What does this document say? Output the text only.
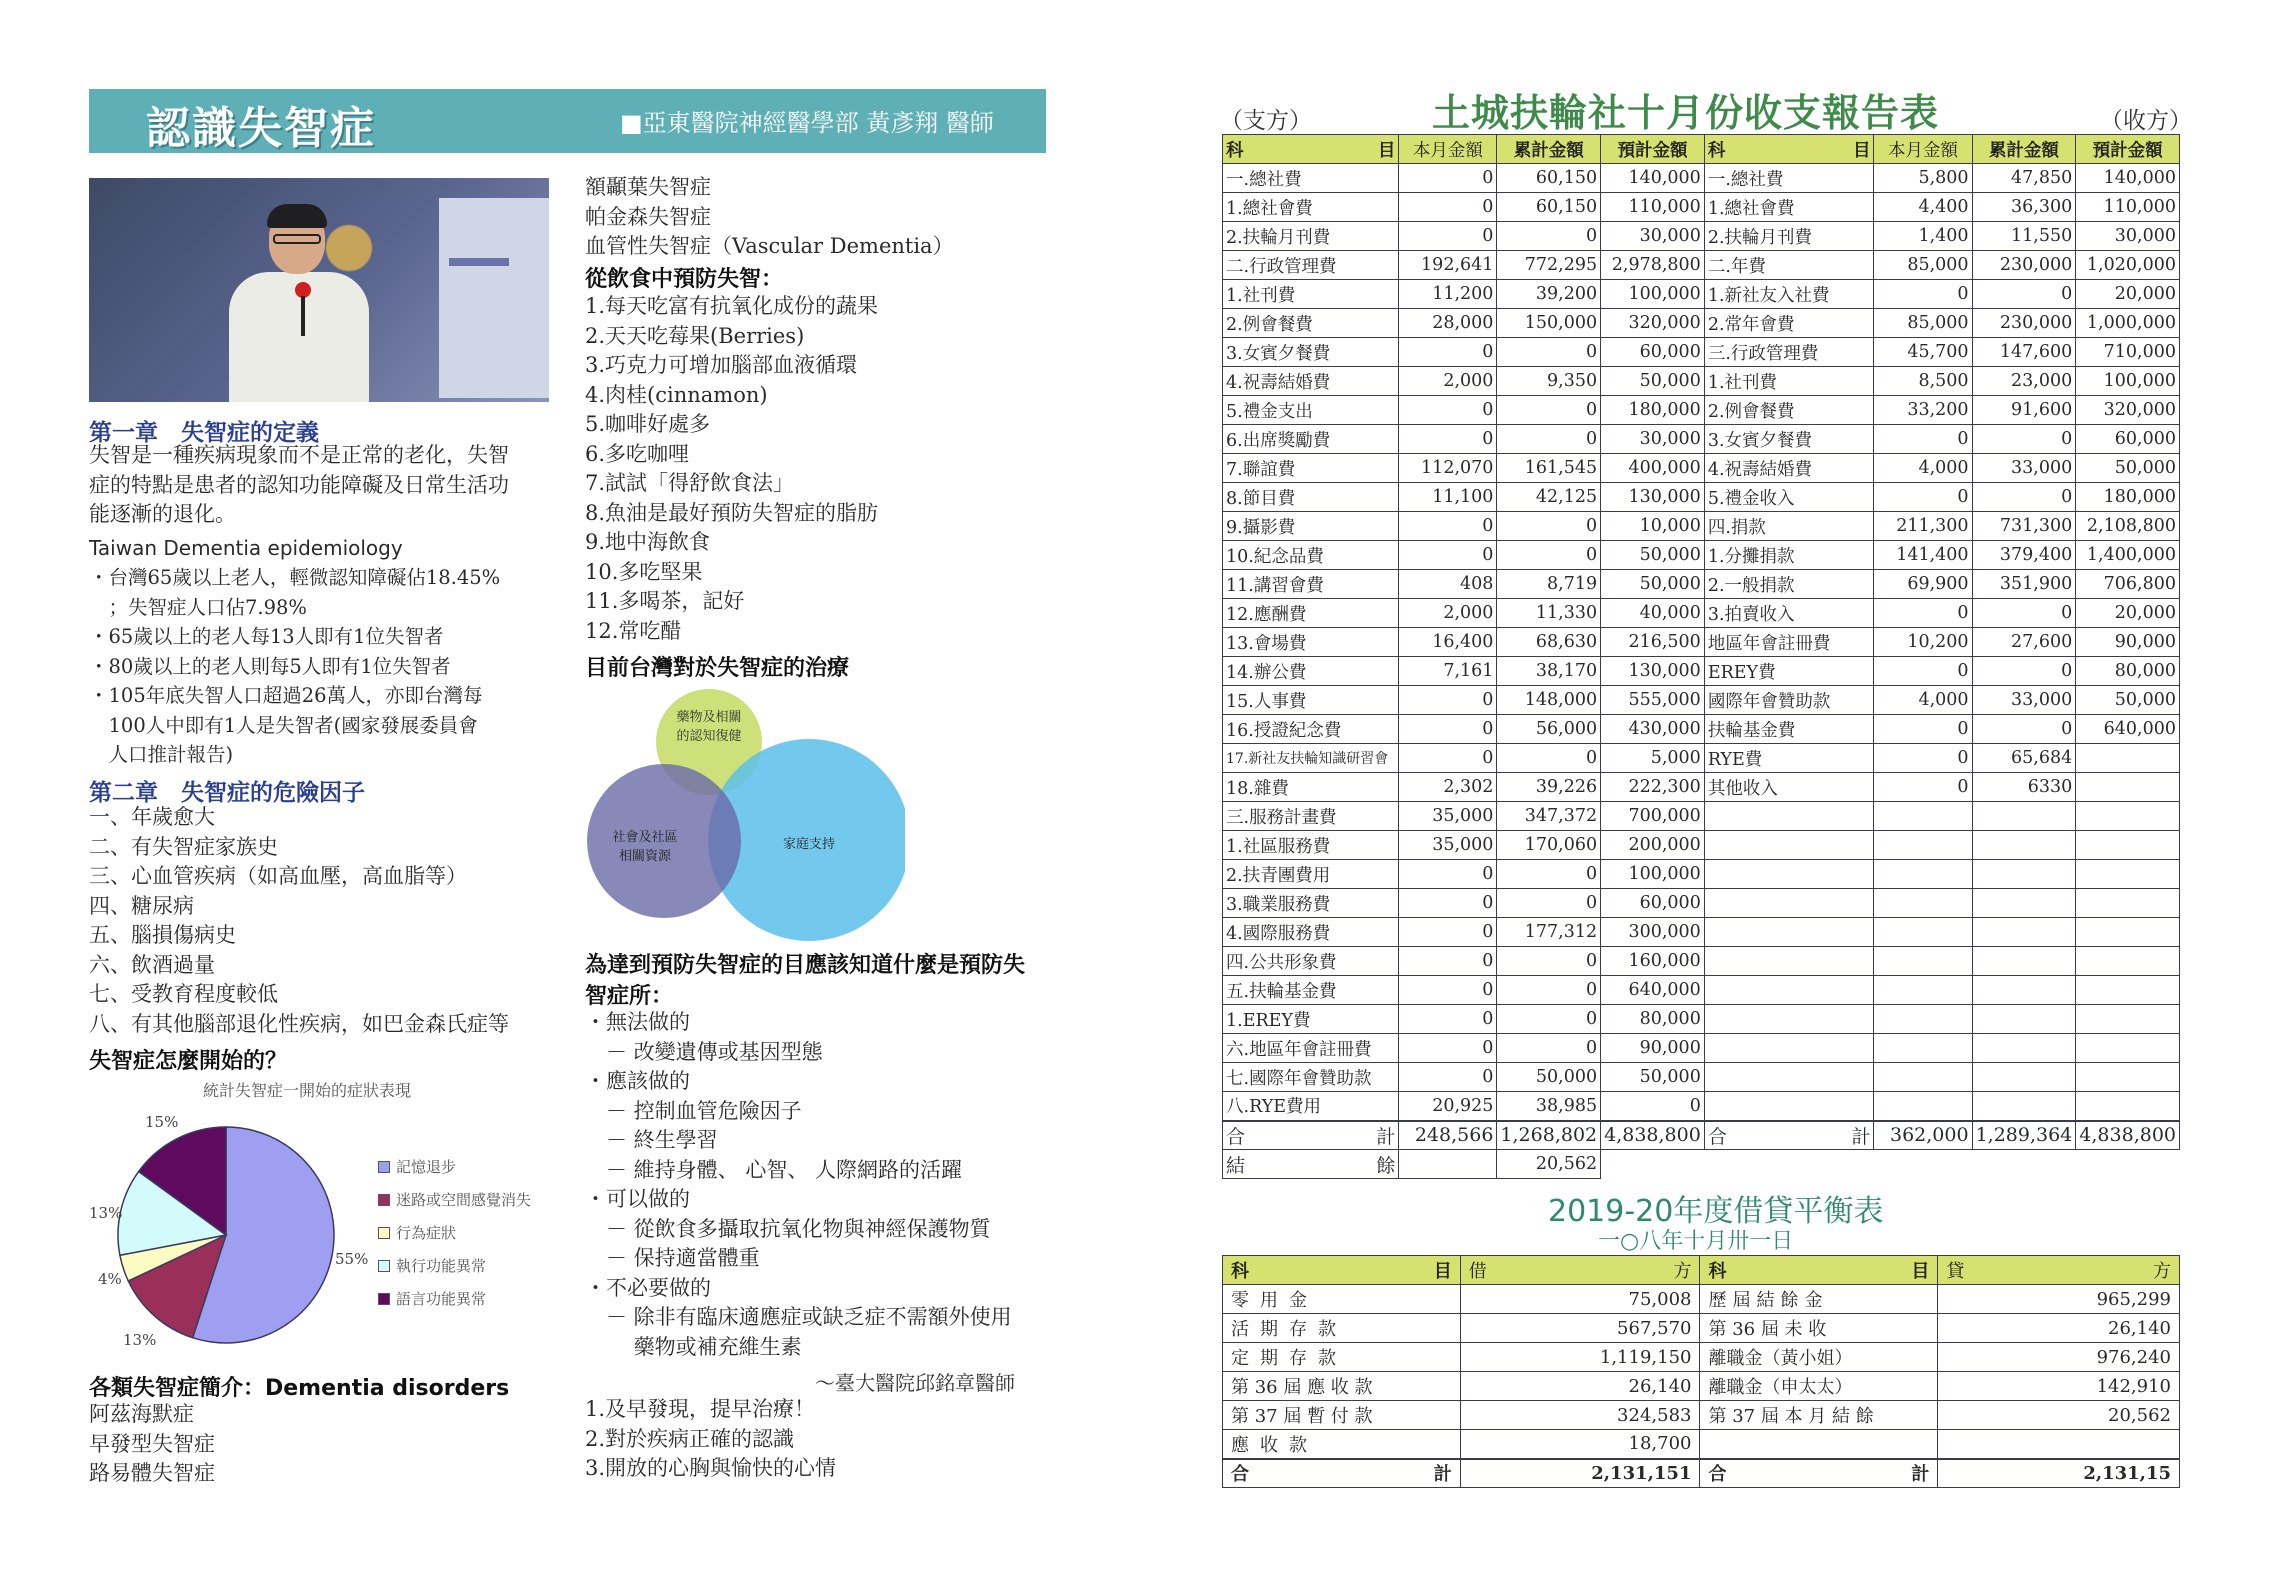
認識失智症	■亞東醫院神經醫學部 黃彥翔 醫師
第一章　失智症的定義
失智是一種疾病現象而不是正常的老化，失智
症的特點是患者的認知功能障礙及日常生活功
能逐漸的退化。
Taiwan Dementia epidemiology
・台灣65歲以上老人，輕微認知障礙佔18.45%
　；失智症人口佔7.98%
・65歲以上的老人每13人即有1位失智者
・80歲以上的老人則每5人即有1位失智者
・105年底失智人口超過26萬人，亦即台灣每
　100人中即有1人是失智者(國家發展委員會
　人口推計報告)
第二章　失智症的危險因子
一、年歲愈大
二、有失智症家族史
三、心血管疾病（如高血壓，高血脂等）
四、糖尿病
五、腦損傷病史
六、飲酒過量
七、受教育程度較低
八、有其他腦部退化性疾病，如巴金森氏症等
失智症怎麼開始的？
統計失智症一開始的症狀表現
15%
13%
4%
13%
55%
記憶退步
迷路或空間感覺消失
行為症狀
執行功能異常
語言功能異常
各類失智症簡介：Dementia disorders
阿茲海默症
早發型失智症
路易體失智症
額顳葉失智症
帕金森失智症
血管性失智症（Vascular Dementia）
從飲食中預防失智：
1.每天吃富有抗氧化成份的蔬果
2.天天吃莓果(Berries)
3.巧克力可增加腦部血液循環
4.肉桂(cinnamon)
5.咖啡好處多
6.多吃咖哩
7.試試「得舒飲食法」
8.魚油是最好預防失智症的脂肪
9.地中海飲食
10.多吃堅果
11.多喝茶，記好
12.常吃醋
目前台灣對於失智症的治療
藥物及相關
的認知復健
社會及社區
相關資源
家庭支持
為達到預防失智症的目應該知道什麼是預防失
智症所：
・無法做的
　－ 改變遺傳或基因型態
・應該做的
　－ 控制血管危險因子
　－ 終生學習
　－ 維持身體、 心智、 人際網路的活躍
・可以做的
　－ 從飲食多攝取抗氧化物與神經保護物質
　－ 保持適當體重
・不必要做的
　－ 除非有臨床適應症或缺乏症不需額外使用
　　 藥物或補充維生素
～臺大醫院邱銘章醫師
1.及早發現，提早治療！
2.對於疾病正確的認識
3.開放的心胸與愉快的心情
（支方）	土城扶輪社十月份收支報告表	（收方）
科 目	本月金額	累計金額	預計金額	科 目	本月金額	累計金額	預計金額
一.總社費	0	60,150	140,000	一.總社費	5,800	47,850	140,000
1.總社會費	0	60,150	110,000	1.總社會費	4,400	36,300	110,000
2.扶輪月刊費	0	0	30,000	2.扶輪月刊費	1,400	11,550	30,000
二.行政管理費	192,641	772,295	2,978,800	二.年費	85,000	230,000	1,020,000
1.社刊費	11,200	39,200	100,000	1.新社友入社費	0	0	20,000
2.例會餐費	28,000	150,000	320,000	2.常年會費	85,000	230,000	1,000,000
3.女賓夕餐費	0	0	60,000	三.行政管理費	45,700	147,600	710,000
4.祝壽結婚費	2,000	9,350	50,000	1.社刊費	8,500	23,000	100,000
5.禮金支出	0	0	180,000	2.例會餐費	33,200	91,600	320,000
6.出席獎勵費	0	0	30,000	3.女賓夕餐費	0	0	60,000
7.聯誼費	112,070	161,545	400,000	4.祝壽結婚費	4,000	33,000	50,000
8.節目費	11,100	42,125	130,000	5.禮金收入	0	0	180,000
9.攝影費	0	0	10,000	四.捐款	211,300	731,300	2,108,800
10.紀念品費	0	0	50,000	1.分攤捐款	141,400	379,400	1,400,000
11.講習會費	408	8,719	50,000	2.一般捐款	69,900	351,900	706,800
12.應酬費	2,000	11,330	40,000	3.拍賣收入	0	0	20,000
13.會場費	16,400	68,630	216,500	地區年會註冊費	10,200	27,600	90,000
14.辦公費	7,161	38,170	130,000	EREY費	0	0	80,000
15.人事費	0	148,000	555,000	國際年會贊助款	4,000	33,000	50,000
16.授證紀念費	0	56,000	430,000	扶輪基金費	0	0	640,000
17.新社友扶輪知識研習會	0	0	5,000	RYE費	0	65,684	
18.雜費	2,302	39,226	222,300	其他收入	0	6330	
三.服務計畫費	35,000	347,372	700,000				
1.社區服務費	35,000	170,060	200,000				
2.扶青團費用	0	0	100,000				
3.職業服務費	0	0	60,000				
4.國際服務費	0	177,312	300,000				
四.公共形象費	0	0	160,000				
五.扶輪基金費	0	0	640,000				
1.EREY費	0	0	80,000				
六.地區年會註冊費	0	0	90,000				
七.國際年會贊助款	0	50,000	50,000				
八.RYE費用	20,925	38,985	0				
合 計	248,566	1,268,802	4,838,800	合 計	362,000	1,289,364	4,838,800
結 餘		20,562					
2019-20年度借貸平衡表
一○八年十月卅一日
科 目	借 方	科 目	貸 方

零用金	75,008	歷屆結餘金	965,299
活期存款	567,570	第 36 屆 未 收	26,140
定期存款	1,119,150	離職金（黃小姐）	976,240
第 36 屆 應 收 款	26,140	離職金（申太太）	142,910
第 37 屆 暫 付 款	324,583	第 37 屆 本 月 結 餘	20,562
應收款	18,700		
合 計	2,131,151	合 計	2,131,15
